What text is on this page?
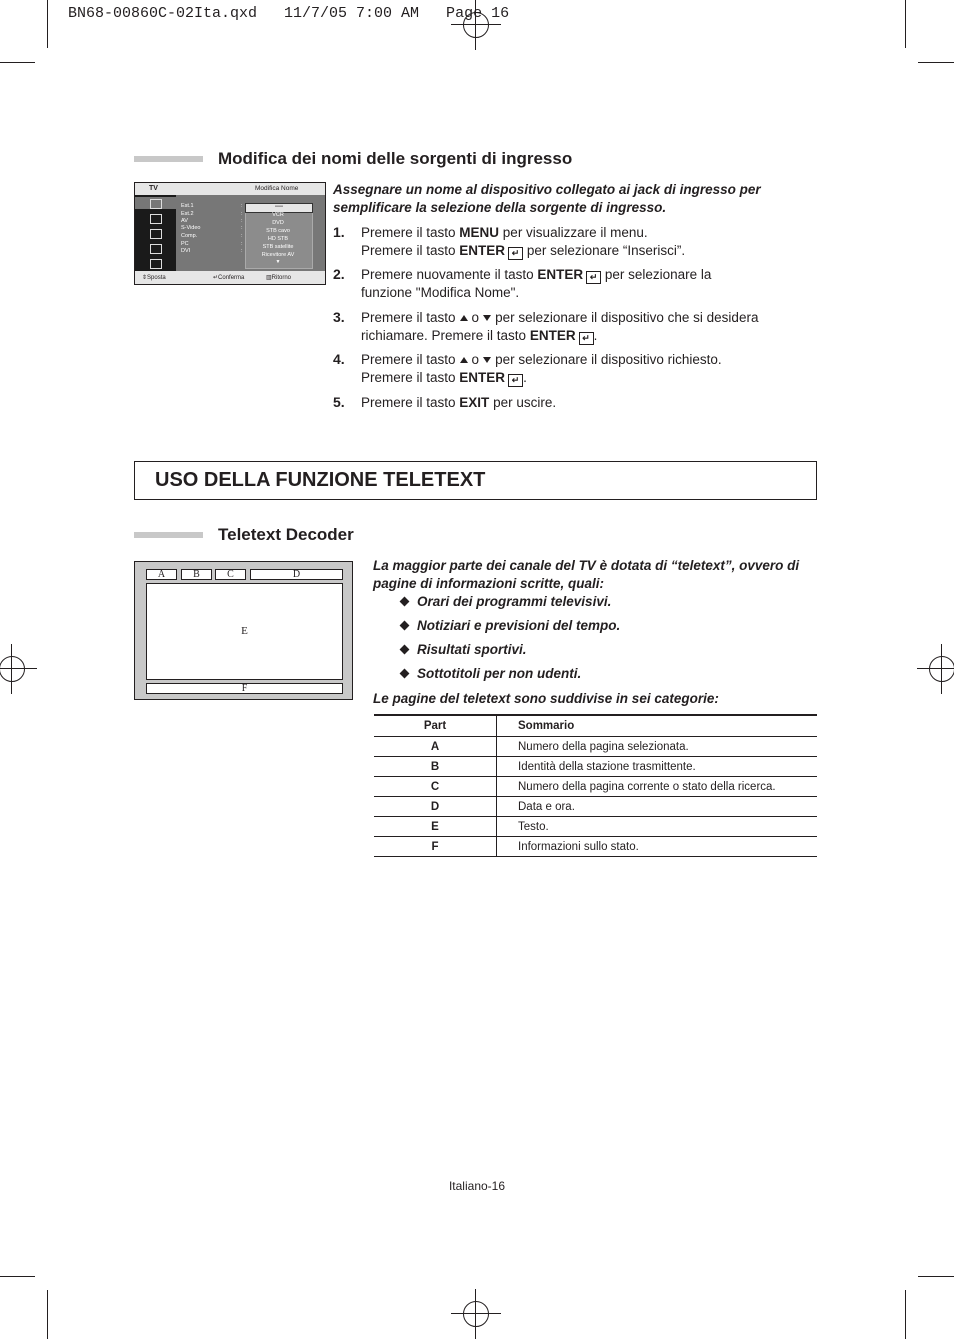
BN68-00860C-02Ita.qxd   11/7/05 7:00 AM   Page 16
Modifica dei nomi delle sorgenti di ingresso
TV	Modifica Nome
Est.1
Est.2
AV
S-Video
Comp.
PC
DVI
:
:
:
:
:
:
:
----
VCR
DVD
STB cavo
HD STB
STB satellite
Ricevitore AV
▼
⇕Sposta	↵Conferma	▥Ritorno
Assegnare un nome al dispositivo collegato ai jack di ingresso per semplificare la selezione della sorgente di ingresso.
1. Premere il tasto MENU per visualizzare il menu.
Premere il tasto ENTER ↵ per selezionare “Inserisci”.
2. Premere nuovamente il tasto ENTER ↵ per selezionare la
funzione "Modifica Nome".
3. Premere il tasto o per selezionare il dispositivo che si desidera
richiamare. Premere il tasto ENTER ↵ .
4. Premere il tasto o per selezionare il dispositivo richiesto.
Premere il tasto ENTER ↵ .
5. Premere il tasto EXIT per uscire.
USO DELLA FUNZIONE TELETEXT
Teletext Decoder
A	B	C	D
E
F
La maggior parte dei canale del TV è dotata di “teletext”, ovvero di pagine di informazioni scritte, quali:
Orari dei programmi televisivi.
Notiziari e previsioni del tempo.
Risultati sportivi.
Sottotitoli per non udenti.
Le pagine del teletext sono suddivise in sei categorie:
Part		Sommario
A		Numero della pagina selezionata.
B		Identità della stazione trasmittente.
C		Numero della pagina corrente o stato della ricerca.
D		Data e ora.
E		Testo.
F		Informazioni sullo stato.
Italiano-16
